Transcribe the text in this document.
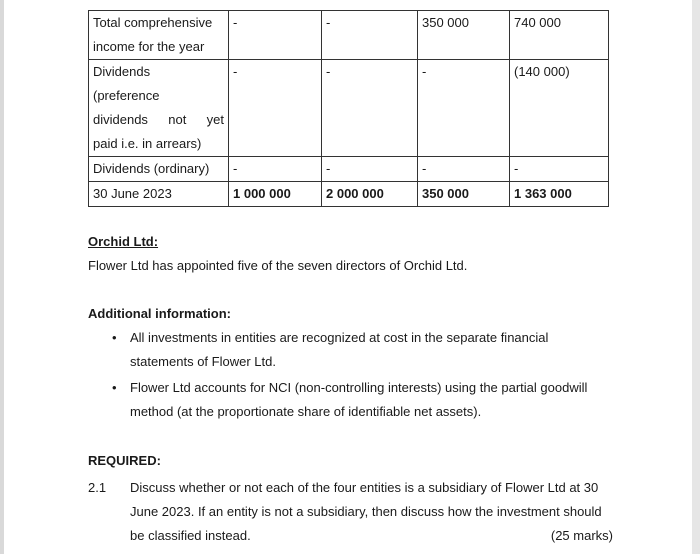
Total comprehensive
income for the year	-	-	350 000	740 000

Dividends
(preference
dividends not yet
paid i.e. in arrears)	-	-	-	(140 000)

Dividends (ordinary)	-	-	-	-

30 June 2023	1 000 000	2 000 000	350 000	1 363 000
Orchid Ltd:
Flower Ltd has appointed five of the seven directors of Orchid Ltd.
Additional information:
• All investments in entities are recognized at cost in the separate financial statements of Flower Ltd.
• Flower Ltd accounts for NCI (non-controlling interests) using the partial goodwill method (at the proportionate share of identifiable net assets).
REQUIRED:
2.1 Discuss whether or not each of the four entities is a subsidiary of Flower Ltd at 30 June 2023. If an entity is not a subsidiary, then discuss how the investment should be classified instead.	(25 marks)
